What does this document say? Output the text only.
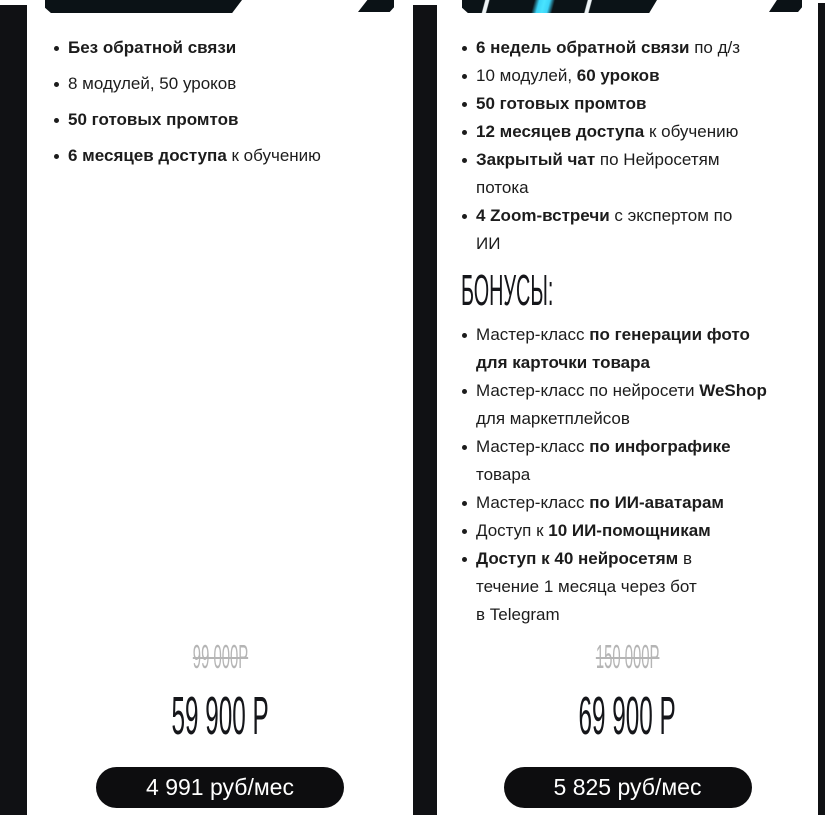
Без обратной связи
8 модулей, 50 уроков
50 готовых промтов
6 месяцев доступа к обучению
99 000Р
59 900 Р
4 991 руб/мес
6 недель обратной связи по д/з
10 модулей, 60 уроков
50 готовых промтов
12 месяцев доступа к обучению
Закрытый чат по Нейросетям
потока
4 Zoom-встречи с экспертом по
ИИ
БОНУСЫ:
Мастер-класс по генерации фото
для карточки товара
Мастер-класс по нейросети WeShop
для маркетплейсов
Мастер-класс по инфографике
товара
Мастер-класс по ИИ-аватарам
Доступ к 10 ИИ-помощникам
Доступ к 40 нейросетям в
течение 1 месяца через бот
в Telegram
150 000Р
69 900 Р
5 825 руб/мес
